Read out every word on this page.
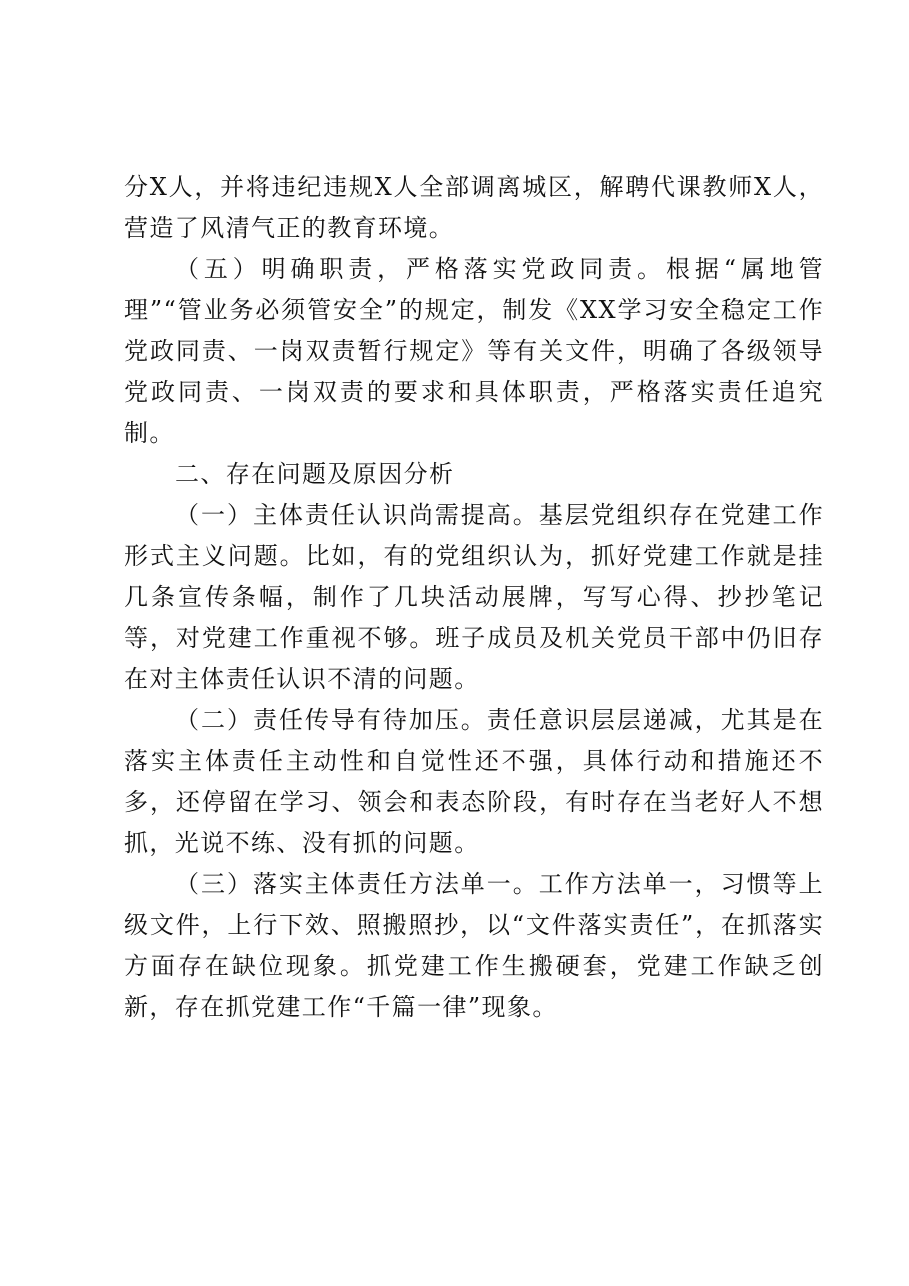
分X人，并将违纪违规X人全部调离城区，解聘代课教师X人，营造了风清气正的教育环境。

（五）明确职责，严格落实党政同责。根据“属地管理”“管业务必须管安全”的规定，制发《XX学习安全稳定工作党政同责、一岗双责暂行规定》等有关文件，明确了各级领导党政同责、一岗双责的要求和具体职责，严格落实责任追究制。

二、存在问题及原因分析

（一）主体责任认识尚需提高。基层党组织存在党建工作形式主义问题。比如，有的党组织认为，抓好党建工作就是挂几条宣传条幅，制作了几块活动展牌，写写心得、抄抄笔记等，对党建工作重视不够。班子成员及机关党员干部中仍旧存在对主体责任认识不清的问题。

（二）责任传导有待加压。责任意识层层递减，尤其是在落实主体责任主动性和自觉性还不强，具体行动和措施还不多，还停留在学习、领会和表态阶段，有时存在当老好人不想抓，光说不练、没有抓的问题。

（三）落实主体责任方法单一。工作方法单一，习惯等上级文件，上行下效、照搬照抄，以“文件落实责任”，在抓落实方面存在缺位现象。抓党建工作生搬硬套，党建工作缺乏创新，存在抓党建工作“千篇一律”现象。
